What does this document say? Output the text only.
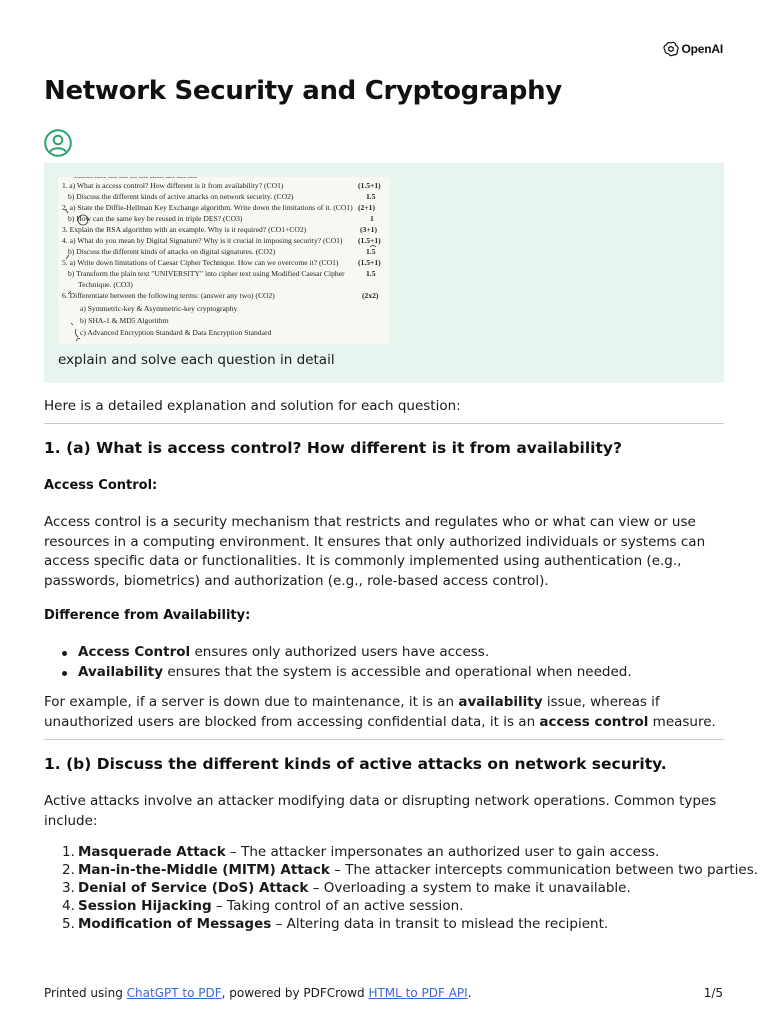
OpenAI
Network Security and Cryptography
-------- ----- ---- ---- --- ---- ------ ---- ---- ----
1. a) What is access control? How different is it from availability? (CO1)	(1.5+1)
b) Discuss the different kinds of active attacks on network security. (CO2)	1.5
2. a) State the Diffie-Hellman Key Exchange algorithm. Write down the limitations of it. (CO1) (2+1)
b) How can the same key be reused in triple DES? (CO3)	1
3. Explain the RSA algorithm with an example. Why is it required? (CO1+CO2)	(3+1)
4. a) What do you mean by Digital Signature? Why is it crucial in imposing security? (CO1) (1.5+1)
b) Discuss the different kinds of attacks on digital signatures. (CO2)	1.5
5. a) Write down limitations of Caesar Cipher Technique. How can we overcome it? (CO1)	(1.5+1)
b) Transform the plain text "UNIVERSITY" into cipher text using Modified Caesar Cipher	1.5
Technique. (CO3)
6. Differentiate between the following terms: (answer any two) (CO2)	(2x2)
a) Symmetric-key & Asymmetric-key cryptography
b) SHA-1 & MD5 Algorithm
c) Advanced Encryption Standard & Data Encryption Standard
explain and solve each question in detail
Here is a detailed explanation and solution for each question:
1. (a) What is access control? How different is it from availability?
Access Control:
Access control is a security mechanism that restricts and regulates who or what can view or use resources in a computing environment. It ensures that only authorized individuals or systems can access specific data or functionalities. It is commonly implemented using authentication (e.g., passwords, biometrics) and authorization (e.g., role-based access control).
Difference from Availability:
Access Control ensures only authorized users have access.
Availability ensures that the system is accessible and operational when needed.
For example, if a server is down due to maintenance, it is an availability issue, whereas if unauthorized users are blocked from accessing confidential data, it is an access control measure.
1. (b) Discuss the different kinds of active attacks on network security.
Active attacks involve an attacker modifying data or disrupting network operations. Common types include:
1. Masquerade Attack – The attacker impersonates an authorized user to gain access.
2. Man-in-the-Middle (MITM) Attack – The attacker intercepts communication between two parties.
3. Denial of Service (DoS) Attack – Overloading a system to make it unavailable.
4. Session Hijacking – Taking control of an active session.
5. Modification of Messages – Altering data in transit to mislead the recipient.
Printed using ChatGPT to PDF, powered by PDFCrowd HTML to PDF API.	1/5
